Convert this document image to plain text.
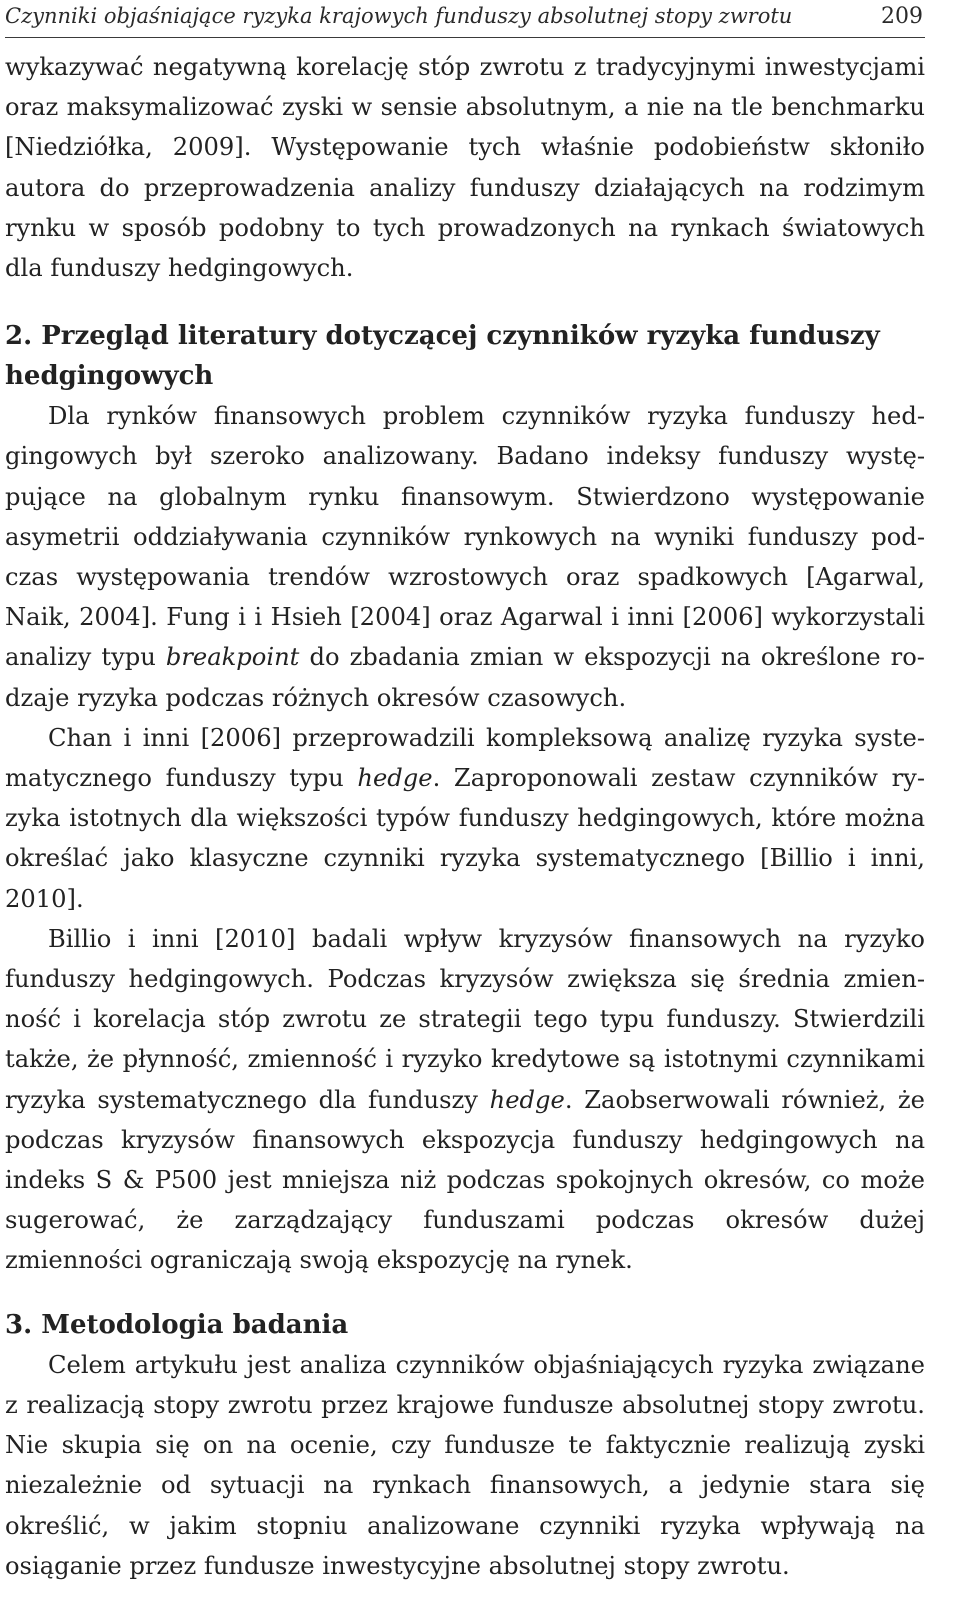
Czynniki objaśniające ryzyka krajowych funduszy absolutnej stopy zwrotu	209

wykazywać negatywną korelację stóp zwrotu z tradycyjnymi inwestycjami oraz maksymalizować zyski w sensie absolutnym, a nie na tle benchmarku [Niedziółka, 2009]. Występowanie tych właśnie podobieństw skłoniło autora do przeprowadzenia analizy funduszy działających na rodzimym rynku w sposób podobny to tych prowadzonych na rynkach światowych dla funduszy hedgingowych.

2. Przegląd literatury dotyczącej czynników ryzyka funduszy hedgingowych

Dla rynków finansowych problem czynników ryzyka funduszy hedgingowych był szeroko analizowany. Badano indeksy funduszy występujące na globalnym rynku finansowym. Stwierdzono występowanie asymetrii oddziaływania czynników rynkowych na wyniki funduszy podczas występowania trendów wzrostowych oraz spadkowych [Agarwal, Naik, 2004]. Fung i i Hsieh [2004] oraz Agarwal i inni [2006] wykorzystali analizy typu breakpoint do zbadania zmian w ekspozycji na określone rodzaje ryzyka podczas różnych okresów czasowych.

Chan i inni [2006] przeprowadzili kompleksową analizę ryzyka systematycznego funduszy typu hedge. Zaproponowali zestaw czynników ryzyka istotnych dla większości typów funduszy hedgingowych, które można określać jako klasyczne czynniki ryzyka systematycznego [Billio i inni, 2010].

Billio i inni [2010] badali wpływ kryzysów finansowych na ryzyko funduszy hedgingowych. Podczas kryzysów zwiększa się średnia zmienność i korelacja stóp zwrotu ze strategii tego typu funduszy. Stwierdzili także, że płynność, zmienność i ryzyko kredytowe są istotnymi czynnikami ryzyka systematycznego dla funduszy hedge. Zaobserwowali również, że podczas kryzysów finansowych ekspozycja funduszy hedgingowych na indeks S & P500 jest mniejsza niż podczas spokojnych okresów, co może sugerować, że zarządzający funduszami podczas okresów dużej zmienności ograniczają swoją ekspozycję na rynek.

3. Metodologia badania

Celem artykułu jest analiza czynników objaśniających ryzyka związane z realizacją stopy zwrotu przez krajowe fundusze absolutnej stopy zwrotu. Nie skupia się on na ocenie, czy fundusze te faktycznie realizują zyski niezależnie od sytuacji na rynkach finansowych, a jedynie stara się określić, w jakim stopniu analizowane czynniki ryzyka wpływają na osiąganie przez fundusze inwestycyjne absolutnej stopy zwrotu.
